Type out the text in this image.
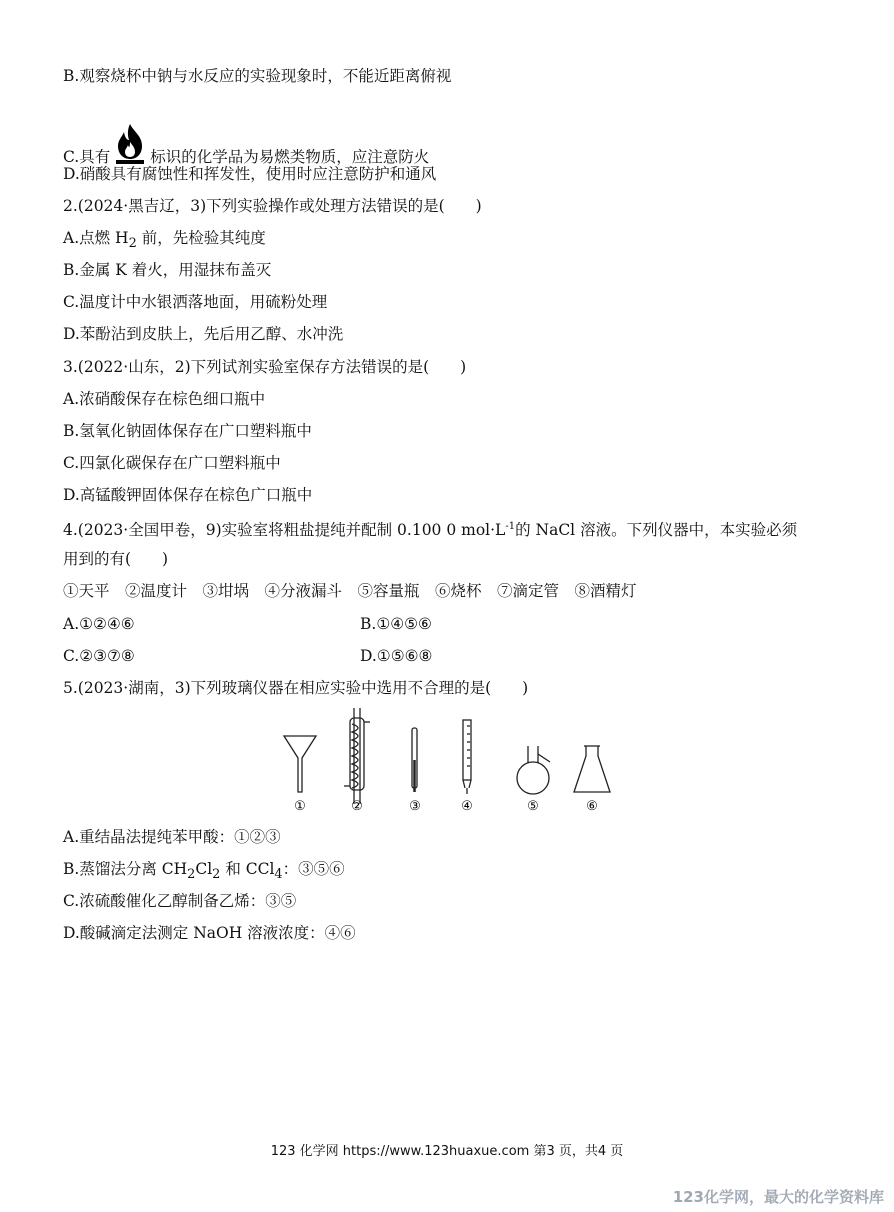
B.观察烧杯中钠与水反应的实验现象时，不能近距离俯视
C.具有	标识的化学品为易燃类物质，应注意防火
D.硝酸具有腐蚀性和挥发性，使用时应注意防护和通风
2.(2024·黑吉辽，3)下列实验操作或处理方法错误的是(　　)
A.点燃 $H_2$ 前，先检验其纯度
B.金属 K 着火，用湿抹布盖灭
C.温度计中水银洒落地面，用硫粉处理
D.苯酚沾到皮肤上，先后用乙醇、水冲洗
3.(2022·山东，2)下列试剂实验室保存方法错误的是(　　)
A.浓硝酸保存在棕色细口瓶中
B.氢氧化钠固体保存在广口塑料瓶中
C.四氯化碳保存在广口塑料瓶中
D.高锰酸钾固体保存在棕色广口瓶中
4.(2023·全国甲卷，9)实验室将粗盐提纯并配制 0.100 0 $mol\cdot L^{-1}$的 NaCl 溶液。下列仪器中，本实验必须
用到的有(　　)
①天平　②温度计　③坩埚　④分液漏斗　⑤容量瓶　⑥烧杯　⑦滴定管　⑧酒精灯
A.①②④⑥	B.①④⑤⑥
C.②③⑦⑧	D.①⑤⑥⑧
5.(2023·湖南，3)下列玻璃仪器在相应实验中选用不合理的是(　　)
①	②	③	④	⑤	⑥
A.重结晶法提纯苯甲酸：①②③
B.蒸馏法分离 $CH_2Cl_2$ 和 CCl$_4$：③⑤⑥
C.浓硫酸催化乙醇制备乙烯：③⑤
D.酸碱滴定法测定 NaOH 溶液浓度：④⑥
123 化学网 https://www.123huaxue.com 第3 页，共4 页
123化学网，最大的化学资料库
